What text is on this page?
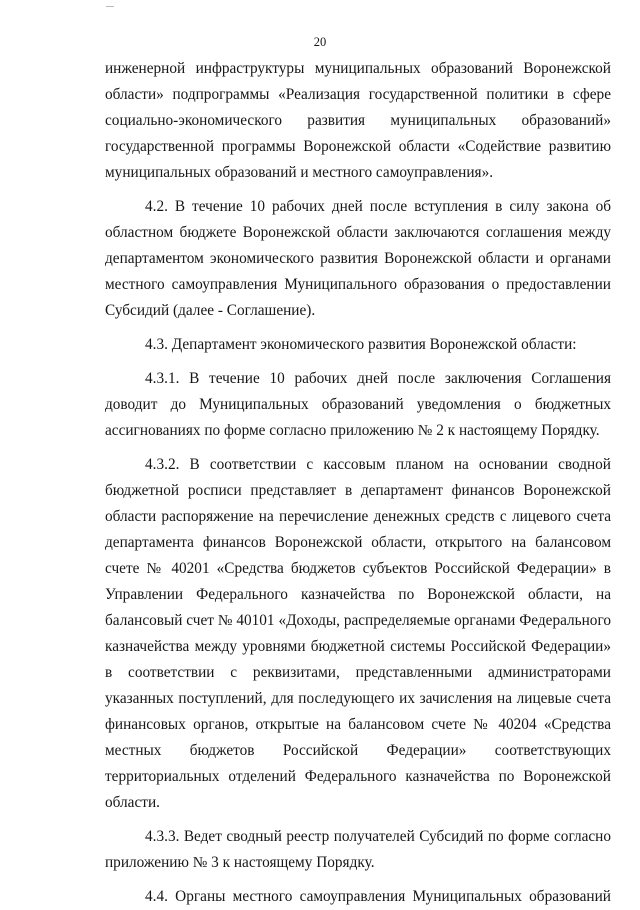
20
инженерной инфраструктуры муниципальных образований Воронежской
области» подпрограммы «Реализация государственной политики в сфере
социально-экономического развития муниципальных образований»
государственной программы Воронежской области «Содействие развитию
муниципальных образований и местного самоуправления».
4.2. В течение 10 рабочих дней после вступления в силу закона об
областном бюджете Воронежской области заключаются соглашения между
департаментом экономического развития Воронежской области и органами
местного самоуправления Муниципального образования о предоставлении
Субсидий (далее - Соглашение).
4.3. Департамент экономического развития Воронежской области:
4.3.1. В течение 10 рабочих дней после заключения Соглашения
доводит до Муниципальных образований уведомления о бюджетных
ассигнованиях по форме согласно приложению № 2 к настоящему Порядку.
4.3.2. В соответствии с кассовым планом на основании сводной
бюджетной росписи представляет в департамент финансов Воронежской
области распоряжение на перечисление денежных средств с лицевого счета
департамента финансов Воронежской области, открытого на балансовом
счете № 40201 «Средства бюджетов субъектов Российской Федерации» в
Управлении Федерального казначейства по Воронежской области, на
балансовый счет № 40101 «Доходы, распределяемые органами Федерального
казначейства между уровнями бюджетной системы Российской Федерации»
в соответствии с реквизитами, представленными администраторами
указанных поступлений, для последующего их зачисления на лицевые счета
финансовых органов, открытые на балансовом счете № 40204 «Средства
местных бюджетов Российской Федерации» соответствующих
территориальных отделений Федерального казначейства по Воронежской
области.
4.3.3. Ведет сводный реестр получателей Субсидий по форме согласно
приложению № 3 к настоящему Порядку.
4.4. Органы местного самоуправления Муниципальных образований
